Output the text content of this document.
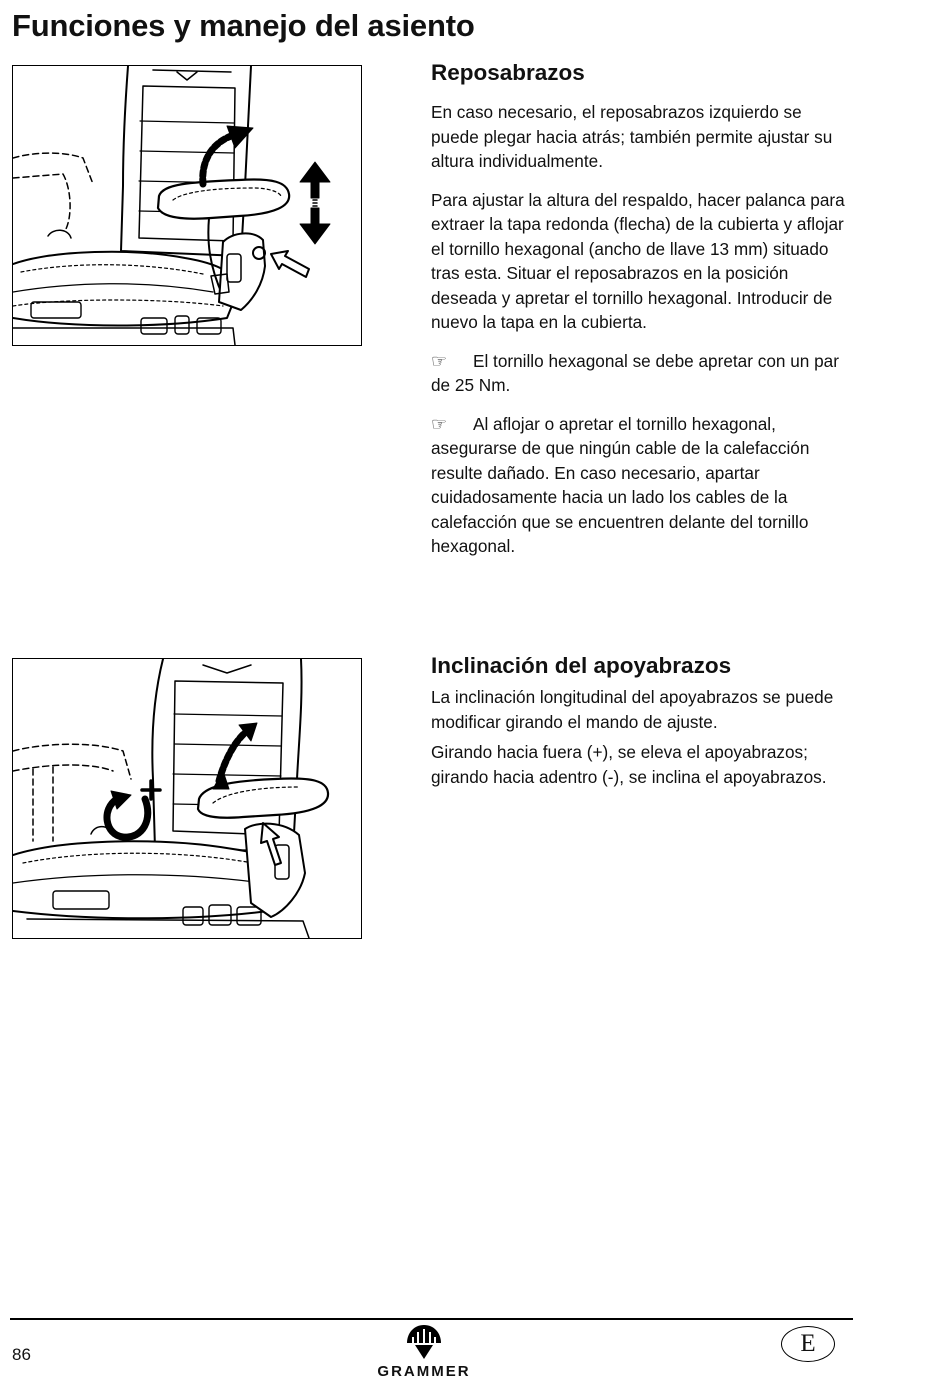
Funciones y manejo del asiento
Reposabrazos

En caso necesario, el reposabrazos izquierdo se puede plegar hacia atrás; también permite ajustar su altura individualmente.

Para ajustar la altura del respaldo, hacer palanca para extraer la tapa redonda (flecha) de la cubierta y aflojar el tornillo hexagonal (ancho de llave 13 mm) situado tras esta. Situar el reposabrazos en la posición deseada y apretar el tornillo hexagonal. Introducir de nuevo la tapa en la cubierta.

☞ El tornillo hexagonal se debe apretar con un par de 25 Nm.

☞ Al aflojar o apretar el tornillo hexagonal, asegurarse de que ningún cable de la calefacción resulte dañado. En caso necesario, apartar cuidadosamente hacia un lado los cables de la calefacción que se encuentren delante del tornillo hexagonal.

Inclinación del apoyabrazos

La inclinación longitudinal del apoyabrazos se puede modificar girando el mando de ajuste.

Girando hacia fuera (+), se eleva el apoyabrazos; girando hacia adentro (-), se inclina el apoyabrazos.

86
GRAMMER
E
